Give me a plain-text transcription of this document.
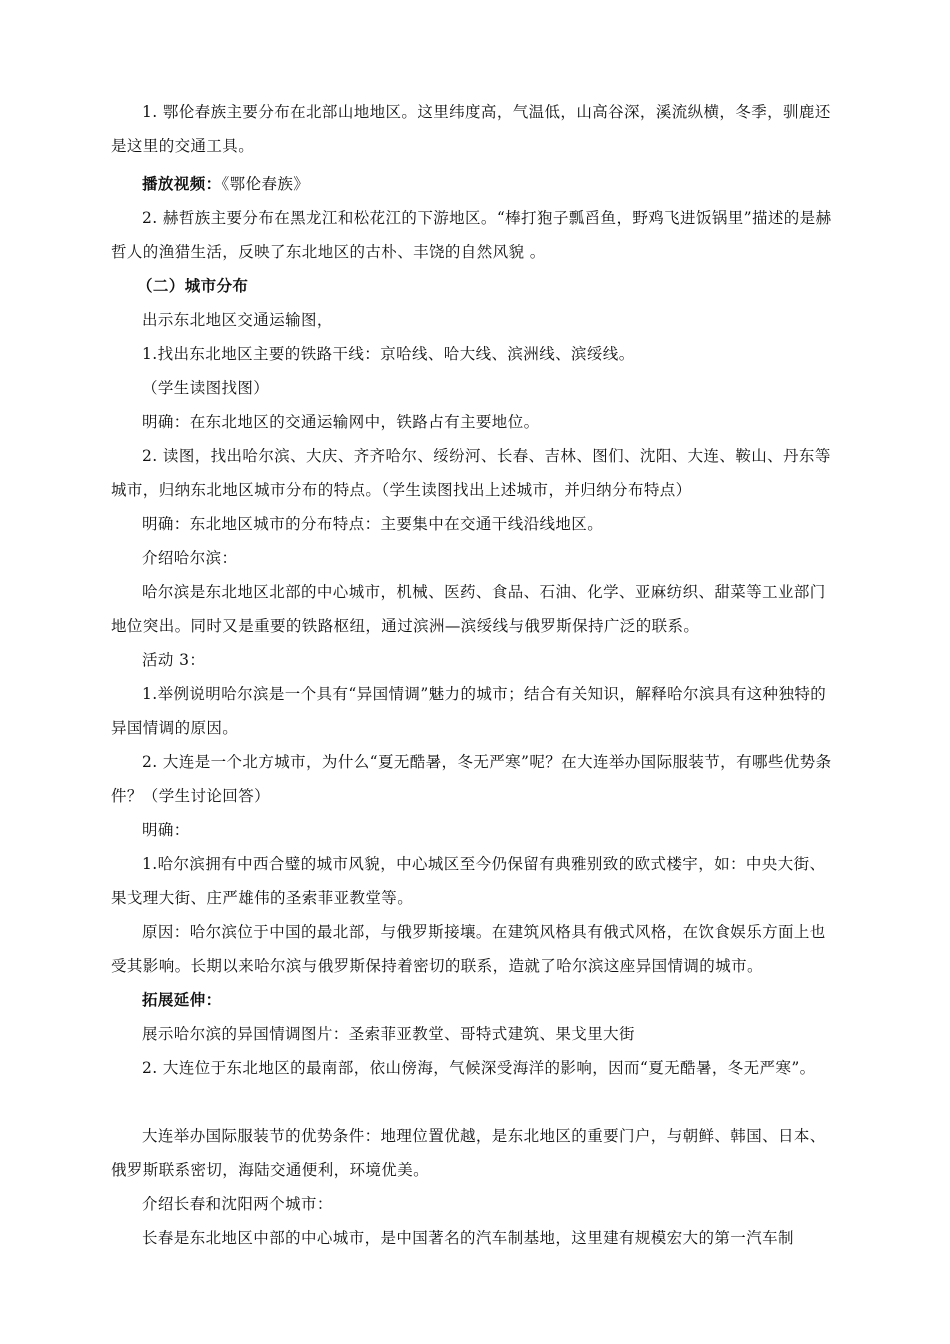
1. 鄂伦春族主要分布在北部山地地区。这里纬度高，气温低，山高谷深，溪流纵横，冬季，驯鹿还是这里的交通工具。
播放视频：《鄂伦春族》
2. 赫哲族主要分布在黑龙江和松花江的下游地区。“棒打狍子瓢舀鱼，野鸡飞进饭锅里”描述的是赫哲人的渔猎生活，反映了东北地区的古朴、丰饶的自然风貌 。
（二）城市分布
出示东北地区交通运输图，
1.找出东北地区主要的铁路干线：京哈线、哈大线、滨洲线、滨绥线。
（学生读图找图）
明确：在东北地区的交通运输网中，铁路占有主要地位。
2. 读图，找出哈尔滨、大庆、齐齐哈尔、绥纷河、长春、吉林、图们、沈阳、大连、鞍山、丹东等城市，归纳东北地区城市分布的特点。（学生读图找出上述城市，并归纳分布特点）
明确：东北地区城市的分布特点：主要集中在交通干线沿线地区。
介绍哈尔滨：
哈尔滨是东北地区北部的中心城市，机械、医药、食品、石油、化学、亚麻纺织、甜菜等工业部门地位突出。同时又是重要的铁路枢纽，通过滨洲—滨绥线与俄罗斯保持广泛的联系。
活动 3：
1.举例说明哈尔滨是一个具有“异国情调”魅力的城市；结合有关知识，解释哈尔滨具有这种独特的异国情调的原因。
2. 大连是一个北方城市，为什么“夏无酷暑，冬无严寒”呢？在大连举办国际服装节，有哪些优势条件？（学生讨论回答）
明确：
1.哈尔滨拥有中西合璧的城市风貌，中心城区至今仍保留有典雅别致的欧式楼宇，如：中央大街、果戈理大街、庄严雄伟的圣索菲亚教堂等。
原因：哈尔滨位于中国的最北部，与俄罗斯接壤。在建筑风格具有俄式风格，在饮食娱乐方面上也受其影响。长期以来哈尔滨与俄罗斯保持着密切的联系，造就了哈尔滨这座异国情调的城市。
拓展延伸：
展示哈尔滨的异国情调图片：圣索菲亚教堂、哥特式建筑、果戈里大街
2. 大连位于东北地区的最南部，依山傍海，气候深受海洋的影响，因而“夏无酷暑，冬无严寒”。
大连举办国际服装节的优势条件：地理位置优越，是东北地区的重要门户，与朝鲜、韩国、日本、俄罗斯联系密切，海陆交通便利，环境优美。
介绍长春和沈阳两个城市：
长春是东北地区中部的中心城市，是中国著名的汽车制基地，这里建有规模宏大的第一汽车制
